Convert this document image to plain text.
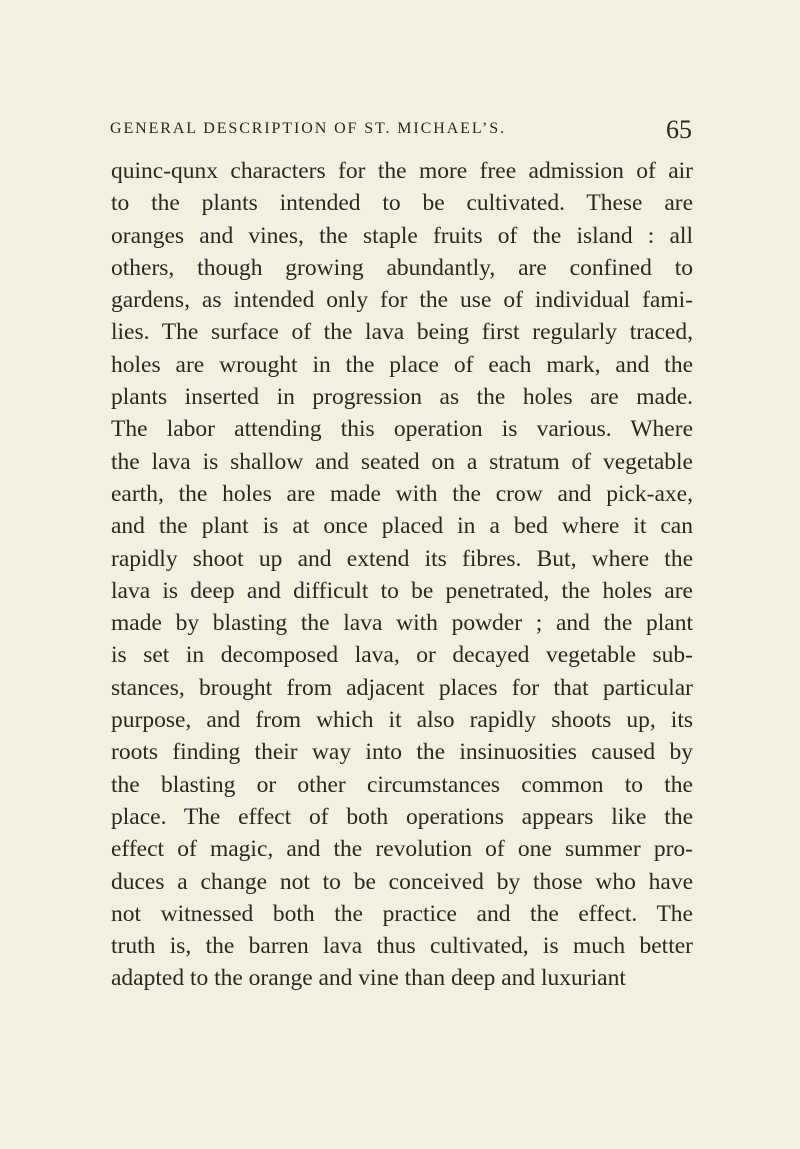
GENERAL DESCRIPTION OF ST. MICHAEL’S.	65
quinc-qunx characters for the more free admission of air
to the plants intended to be cultivated. These are
oranges and vines, the staple fruits of the island : all
others, though growing abundantly, are confined to
gardens, as intended only for the use of individual fami-
lies. The surface of the lava being first regularly traced,
holes are wrought in the place of each mark, and the
plants inserted in progression as the holes are made.
The labor attending this operation is various. Where
the lava is shallow and seated on a stratum of vegetable
earth, the holes are made with the crow and pick-axe,
and the plant is at once placed in a bed where it can
rapidly shoot up and extend its fibres. But, where the
lava is deep and difficult to be penetrated, the holes are
made by blasting the lava with powder ; and the plant
is set in decomposed lava, or decayed vegetable sub-
stances, brought from adjacent places for that particular
purpose, and from which it also rapidly shoots up, its
roots finding their way into the insinuosities caused by
the blasting or other circumstances common to the
place. The effect of both operations appears like the
effect of magic, and the revolution of one summer pro-
duces a change not to be conceived by those who have
not witnessed both the practice and the effect. The
truth is, the barren lava thus cultivated, is much better
adapted to the orange and vine than deep and luxuriant
